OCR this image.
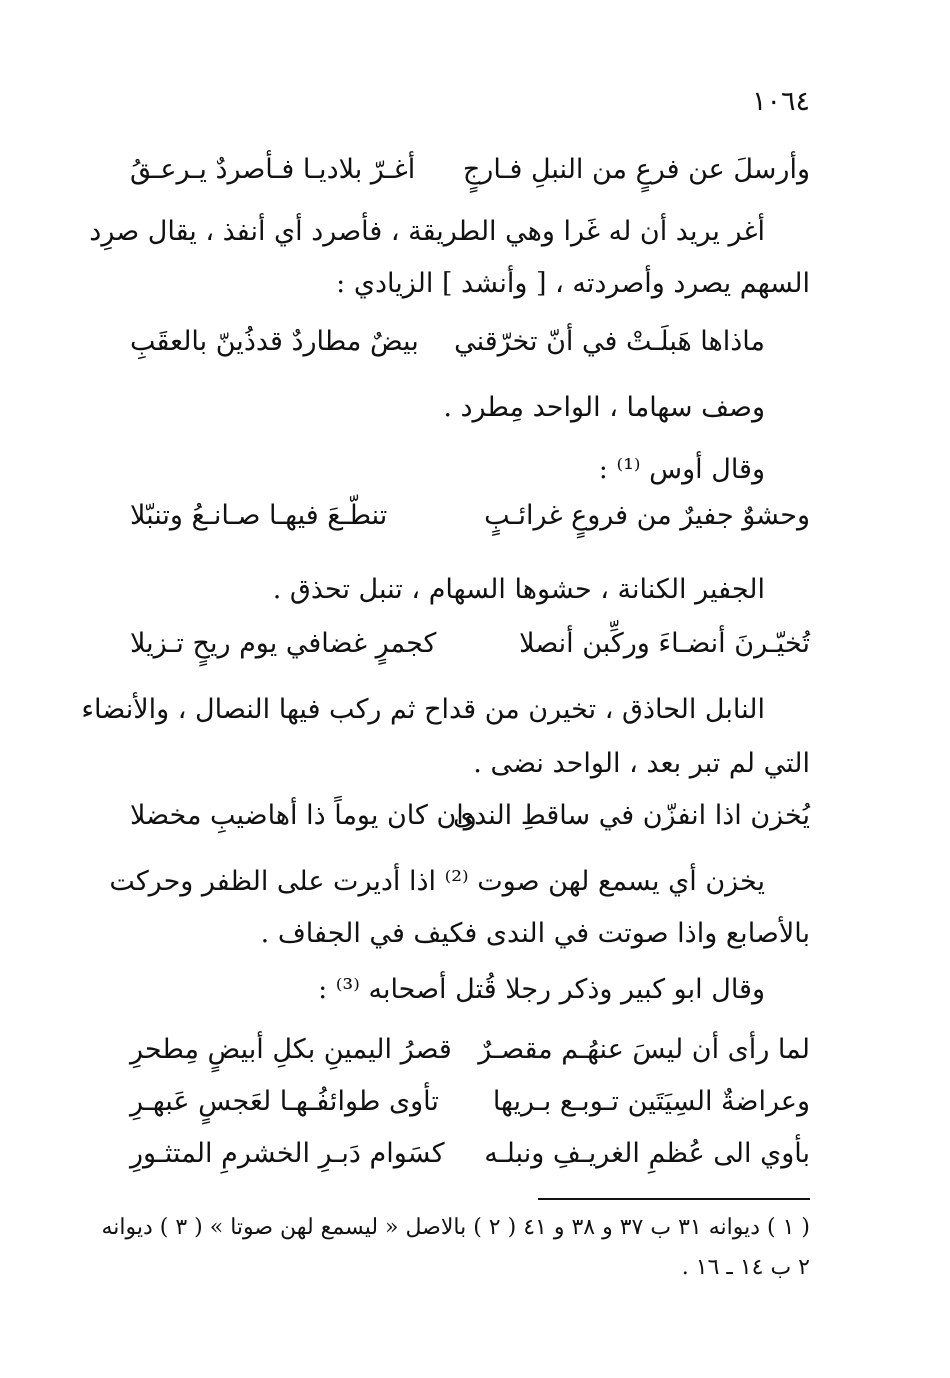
١٠٦٤
وأرسلَ عن فرعٍ من النبلِ فـارجٍ
أغـرّ بلاديـا فـأصردٌ يـرعـقُ
أغر يريد أن له غَرا وهي الطريقة ، فأصرد أي أنفذ ، يقال صرِد
السهم يصرد وأصردته ، [ وأنشد ] الزيادي :
ماذاها هَبلَـتْ في أنّ تخرّقني
بيضٌ مطاردٌ قدذُينّ بالعقَبِ
وصف سهاما ، الواحد مِطرد .
وقال أوس ⁽¹⁾ :
وحشوٌ جفيرٌ من فروعٍ غرائـبٍ
تنطّـعَ فيهـا صـانـعُ وتنبّلا
الجفير الكنانة ، حشوها السهام ، تنبل تحذق .
تُخيّـرنَ أنضـاءَ وركِّبن أنصلا
كجمرٍ غضافي يوم ريحٍ تـزيلا
النابل الحاذق ، تخيرن من قداح ثم ركب فيها النصال ، والأنضاء
التي لم تبر بعد ، الواحد نضى .
يُخزن اذا انفزّن في ساقطِ الندى
وان كان يوماً ذا أهاضيبِ مخضلا
يخزن أي يسمع لهن صوت ⁽²⁾ اذا أديرت على الظفر وحركت
بالأصابع واذا صوتت في الندى فكيف في الجفاف .
وقال ابو كبير وذكر رجلا قُتل أصحابه ⁽³⁾ :
لما رأى أن ليسَ عنهُـم مقصـرٌ
قصرُ اليمينِ بكلِ أبيضٍ مِطحرِ
وعراضةٌ السِيَتَين تـوبـع بـريها
تأوى طوائفُـهـا لعَجسٍ عَبهـرِ
بأوي الى عُظمِ الغريـفِ ونبلـه
كسَوام دَبـرِ الخشرمِ المتثـورِ
( ١ ) ديوانه ٣١ ب ٣٧ و ٣٨ و ٤١ ( ٢ ) بالاصل « ليسمع لهن صوتا » ( ٣ ) ديوانه
٢ ب ١٤ ـ ١٦ .
